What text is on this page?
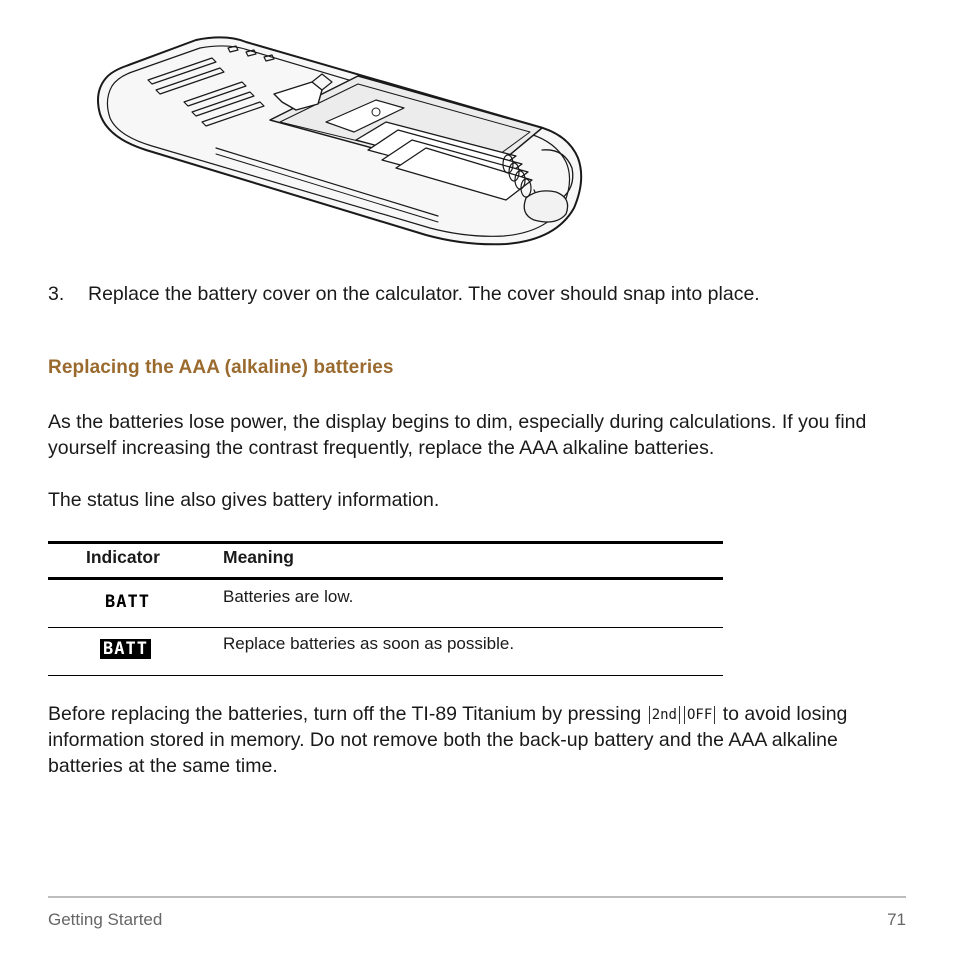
3. Replace the battery cover on the calculator. The cover should snap into place.
Replacing the AAA (alkaline) batteries
As the batteries lose power, the display begins to dim, especially during calculations. If you find yourself increasing the contrast frequently, replace the AAA alkaline batteries.
The status line also gives battery information.
Indicator	Meaning
BATT	Batteries are low.
BATT	Replace batteries as soon as possible.
Before replacing the batteries, turn off the TI-89 Titanium by pressing 2nd OFF to avoid losing information stored in memory. Do not remove both the back-up battery and the AAA alkaline batteries at the same time.
Getting Started	71
